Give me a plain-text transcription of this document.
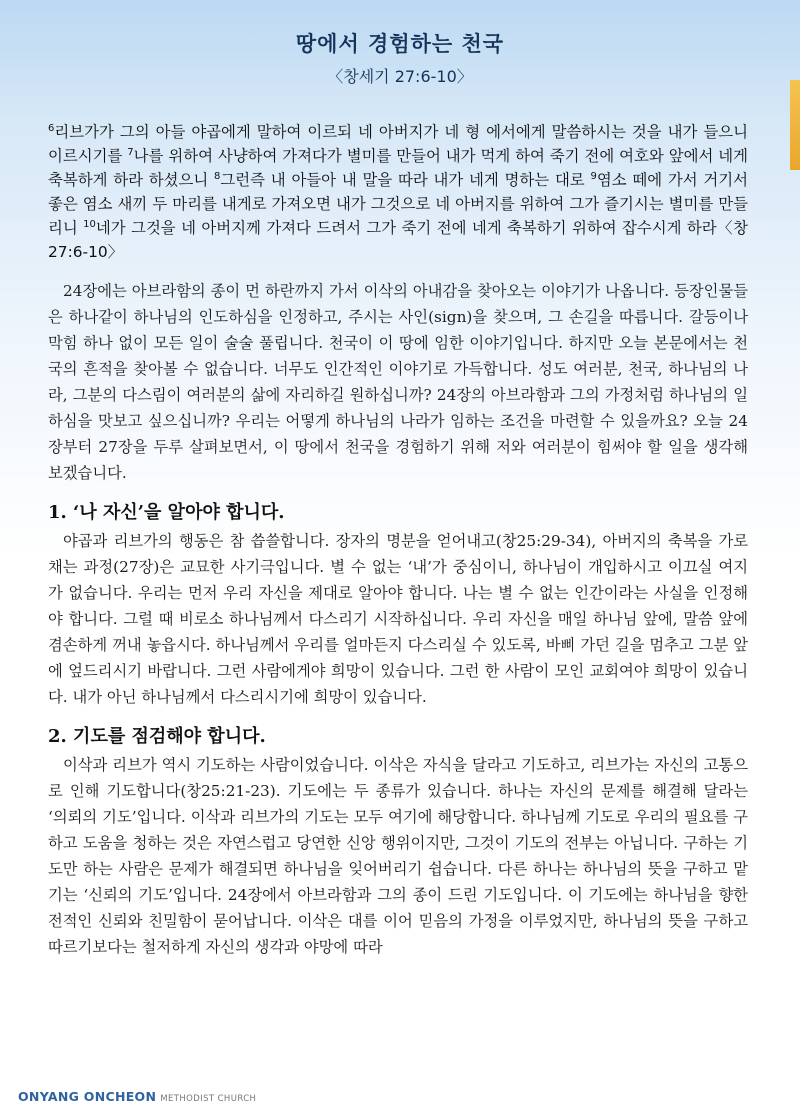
땅에서 경험하는 천국
〈창세기 27:6-10〉

$^6$리브가가 그의 아들 야곱에게 말하여 이르되 네 아버지가 네 형 에서에게 말씀하시는 것을 내가 들으니 이르시기를 $^7$나를 위하여 사냥하여 가져다가 별미를 만들어 내가 먹게 하여 죽기 전에 여호와 앞에서 네게 축복하게 하라 하셨으니 $^8$그런즉 내 아들아 내 말을 따라 내가 네게 명하는 대로 $^9$염소 떼에 가서 거기서 좋은 염소 새끼 두 마리를 내게로 가져오면 내가 그것으로 네 아버지를 위하여 그가 즐기시는 별미를 만들리니 $^{10}$네가 그것을 네 아버지께 가져다 드려서 그가 죽기 전에 네게 축복하기 위하여 잡수시게 하라〈창27:6-10〉

24장에는 아브라함의 종이 먼 하란까지 가서 이삭의 아내감을 찾아오는 이야기가 나옵니다. 등장인물들은 하나같이 하나님의 인도하심을 인정하고, 주시는 사인(sign)을 찾으며, 그 손길을 따릅니다. 갈등이나 막힘 하나 없이 모든 일이 술술 풀립니다. 천국이 이 땅에 임한 이야기입니다. 하지만 오늘 본문에서는 천국의 흔적을 찾아볼 수 없습니다. 너무도 인간적인 이야기로 가득합니다. 성도 여러분, 천국, 하나님의 나라, 그분의 다스림이 여러분의 삶에 자리하길 원하십니까? 24장의 아브라함과 그의 가정처럼 하나님의 일하심을 맛보고 싶으십니까? 우리는 어떻게 하나님의 나라가 임하는 조건을 마련할 수 있을까요? 오늘 24장부터 27장을 두루 살펴보면서, 이 땅에서 천국을 경험하기 위해 저와 여러분이 힘써야 할 일을 생각해 보겠습니다.

1. ‘나 자신’을 알아야 합니다.

야곱과 리브가의 행동은 참 씁쓸합니다. 장자의 명분을 얻어내고(창25:29-34), 아버지의 축복을 가로채는 과정(27장)은 교묘한 사기극입니다. 별 수 없는 ‘내’가 중심이니, 하나님이 개입하시고 이끄실 여지가 없습니다. 우리는 먼저 우리 자신을 제대로 알아야 합니다. 나는 별 수 없는 인간이라는 사실을 인정해야 합니다. 그럴 때 비로소 하나님께서 다스리기 시작하십니다. 우리 자신을 매일 하나님 앞에, 말씀 앞에 겸손하게 꺼내 놓읍시다. 하나님께서 우리를 얼마든지 다스리실 수 있도록, 바삐 가던 길을 멈추고 그분 앞에 엎드리시기 바랍니다. 그런 사람에게야 희망이 있습니다. 그런 한 사람이 모인 교회여야 희망이 있습니다. 내가 아닌 하나님께서 다스리시기에 희망이 있습니다.

2. 기도를 점검해야 합니다.

이삭과 리브가 역시 기도하는 사람이었습니다. 이삭은 자식을 달라고 기도하고, 리브가는 자신의 고통으로 인해 기도합니다(창25:21-23). 기도에는 두 종류가 있습니다. 하나는 자신의 문제를 해결해 달라는 ‘의뢰의 기도’입니다. 이삭과 리브가의 기도는 모두 여기에 해당합니다. 하나님께 기도로 우리의 필요를 구하고 도움을 청하는 것은 자연스럽고 당연한 신앙 행위이지만, 그것이 기도의 전부는 아닙니다. 구하는 기도만 하는 사람은 문제가 해결되면 하나님을 잊어버리기 쉽습니다. 다른 하나는 하나님의 뜻을 구하고 맡기는 ‘신뢰의 기도’입니다. 24장에서 아브라함과 그의 종이 드린 기도입니다. 이 기도에는 하나님을 향한 전적인 신뢰와 친밀함이 묻어납니다. 이삭은 대를 이어 믿음의 가정을 이루었지만, 하나님의 뜻을 구하고 따르기보다는 철저하게 자신의 생각과 야망에 따라

ONYANG ONCHEON METHODIST CHURCH
